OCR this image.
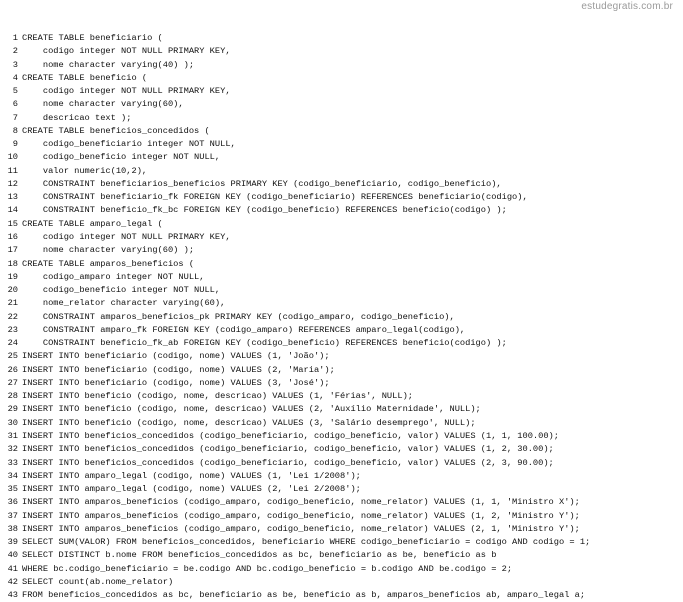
estudegratis.com.br
1 CREATE TABLE beneficiario (
2    codigo integer NOT NULL PRIMARY KEY,
3    nome character varying(40) );
4 CREATE TABLE beneficio (
5    codigo integer NOT NULL PRIMARY KEY,
6    nome character varying(60),
7    descricao text );
8 CREATE TABLE beneficios_concedidos (
9    codigo_beneficiario integer NOT NULL,
10    codigo_beneficio integer NOT NULL,
11    valor numeric(10,2),
12    CONSTRAINT beneficiarios_beneficios PRIMARY KEY (codigo_beneficiario, codigo_beneficio),
13    CONSTRAINT beneficiario_fk FOREIGN KEY (codigo_beneficiario) REFERENCES beneficiario(codigo),
14    CONSTRAINT beneficio_fk_bc FOREIGN KEY (codigo_beneficio) REFERENCES beneficio(codigo) );
15 CREATE TABLE amparo_legal (
16    codigo integer NOT NULL PRIMARY KEY,
17    nome character varying(60) );
18 CREATE TABLE amparos_beneficios (
19    codigo_amparo integer NOT NULL,
20    codigo_beneficio integer NOT NULL,
21    nome_relator character varying(60),
22    CONSTRAINT amparos_beneficios_pk PRIMARY KEY (codigo_amparo, codigo_beneficio),
23    CONSTRAINT amparo_fk FOREIGN KEY (codigo_amparo) REFERENCES amparo_legal(codigo),
24    CONSTRAINT beneficio_fk_ab FOREIGN KEY (codigo_beneficio) REFERENCES beneficio(codigo) );
25 INSERT INTO beneficiario (codigo, nome) VALUES (1, 'João');
26 INSERT INTO beneficiario (codigo, nome) VALUES (2, 'Maria');
27 INSERT INTO beneficiario (codigo, nome) VALUES (3, 'José');
28 INSERT INTO beneficio (codigo, nome, descricao) VALUES (1, 'Férias', NULL);
29 INSERT INTO beneficio (codigo, nome, descricao) VALUES (2, 'Auxílio Maternidade', NULL);
30 INSERT INTO beneficio (codigo, nome, descricao) VALUES (3, 'Salário desemprego', NULL);
31 INSERT INTO beneficios_concedidos (codigo_beneficiario, codigo_beneficio, valor) VALUES (1, 1, 100.00);
32 INSERT INTO beneficios_concedidos (codigo_beneficiario, codigo_beneficio, valor) VALUES (1, 2, 30.00);
33 INSERT INTO beneficios_concedidos (codigo_beneficiario, codigo_beneficio, valor) VALUES (2, 3, 90.00);
34 INSERT INTO amparo_legal (codigo, nome) VALUES (1, 'Lei 1/2008');
35 INSERT INTO amparo_legal (codigo, nome) VALUES (2, 'Lei 2/2008');
36 INSERT INTO amparos_beneficios (codigo_amparo, codigo_beneficio, nome_relator) VALUES (1, 1, 'Ministro X');
37 INSERT INTO amparos_beneficios (codigo_amparo, codigo_beneficio, nome_relator) VALUES (1, 2, 'Ministro Y');
38 INSERT INTO amparos_beneficios (codigo_amparo, codigo_beneficio, nome_relator) VALUES (2, 1, 'Ministro Y');
39 SELECT SUM(VALOR) FROM beneficios_concedidos, beneficiario WHERE codigo_beneficiario = codigo AND codigo = 1;
40 SELECT DISTINCT b.nome FROM beneficios_concedidos as bc, beneficiario as be, beneficio as b
41 WHERE bc.codigo_beneficiario = be.codigo AND bc.codigo_beneficio = b.codigo AND be.codigo = 2;
42 SELECT count(ab.nome_relator)
43 FROM beneficios_concedidos as bc, beneficiario as be, beneficio as b, amparos_beneficios ab, amparo_legal a;
